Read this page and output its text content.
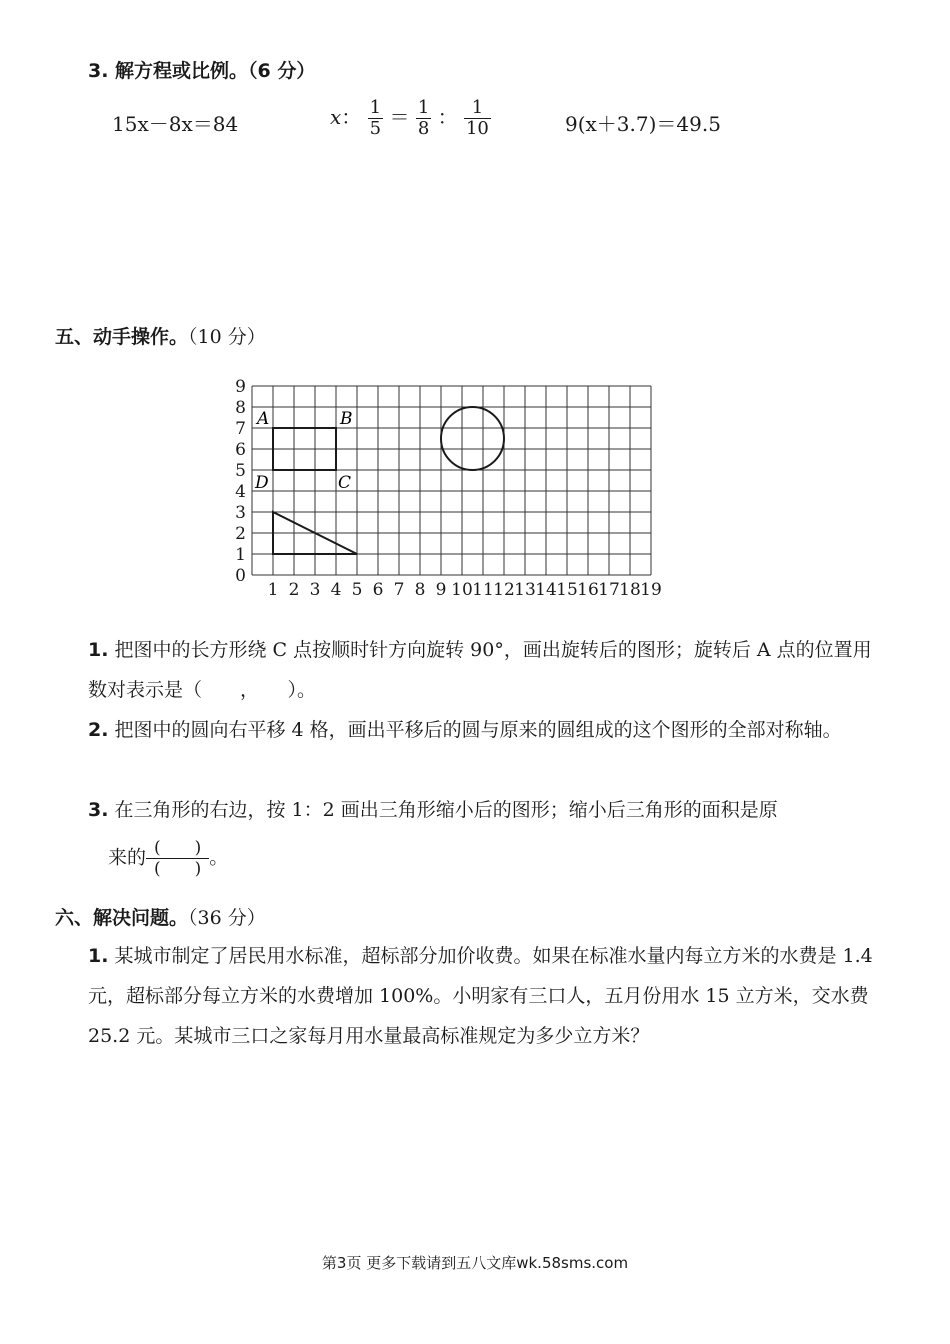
3. 解方程或比例。（6 分）
15x－8x＝84	x： $\frac{1}{5} = \frac{1}{8}$ ： $\frac{1}{10}$	9(x＋3.7)＝49.5
五、动手操作。（10 分）
1 2 3 4 5 6 7 8 9 10 11 12 13 14 15 16 17 18 19
0
1
2
3
4
5
6
7
8
9
A	B
C
D
1. 把图中的长方形绕 C 点按顺时针方向旋转 90°，画出旋转后的图形；旋转后 A 点的位置用数对表示是（　　，　　）。
2. 把图中的圆向右平移 4 格，画出平移后的圆与原来的圆组成的这个图形的全部对称轴。
3. 在三角形的右边，按 1：2 画出三角形缩小后的图形；缩小后三角形的面积是原
来的 $\frac{( )}{( )}$。
六、解决问题。（36 分）
1. 某城市制定了居民用水标准，超标部分加价收费。如果在标准水量内每立方米的水费是 1.4 元，超标部分每立方米的水费增加 100%。小明家有三口人，五月份用水 15 立方米，交水费 25.2 元。某城市三口之家每月用水量最高标准规定为多少立方米？
第3页 更多下载请到五八文库wk.58sms.com
